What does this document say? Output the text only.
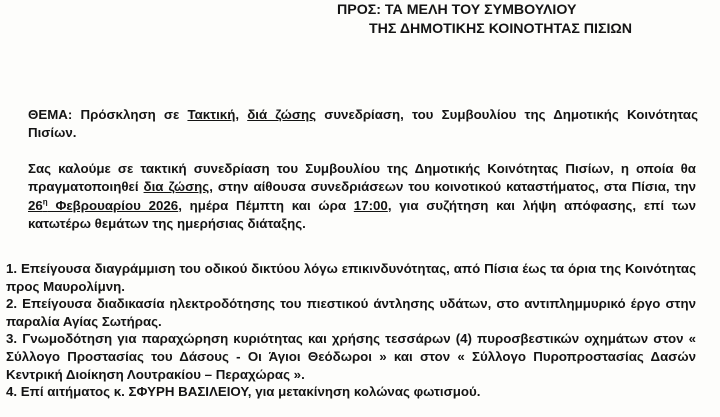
ΠΡΟΣ: ΤΑ ΜΕΛΗ ΤΟΥ ΣΥΜΒΟΥΛΙΟΥ
ΤΗΣ ΔΗΜΟΤΙΚΗΣ ΚΟΙΝΟΤΗΤΑΣ ΠΙΣΙΩΝ
ΘΕΜΑ: Πρόσκληση σε Τακτική, διά ζώσης συνεδρίαση, του Συμβουλίου της Δημοτικής Κοινότητας Πισίων.
Σας καλούμε σε τακτική συνεδρίαση του Συμβουλίου της Δημοτικής Κοινότητας Πισίων, η οποία θα πραγματοποιηθεί δια ζώσης, στην αίθουσα συνεδριάσεων του κοινοτικού καταστήματος, στα Πίσια, την $26^\eta$ Φεβρουαρίου 2026, ημέρα Πέμπτη και ώρα 17:00, για συζήτηση και λήψη απόφασης, επί των κατωτέρω θεμάτων της ημερήσιας διάταξης.
1. Επείγουσα διαγράμμιση του οδικού δικτύου λόγω επικινδυνότητας, από Πίσια έως τα όρια της Κοινότητας προς Μαυρολίμνη.
2. Επείγουσα διαδικασία ηλεκτροδότησης του πιεστικού άντλησης υδάτων, στο αντιπλημμυρικό έργο στην παραλία Αγίας Σωτήρας.
3. Γνωμοδότηση για παραχώρηση κυριότητας και χρήσης τεσσάρων (4) πυροσβεστικών οχημάτων στον « Σύλλογο Προστασίας του Δάσους - Οι Άγιοι Θεόδωροι » και στον « Σύλλογο Πυροπροστασίας Δασών Κεντρική Διοίκηση Λουτρακίου – Περαχώρας ».
4. Επί αιτήματος κ. ΣΦΥΡΗ ΒΑΣΙΛΕΙΟΥ, για μετακίνηση κολώνας φωτισμού.
